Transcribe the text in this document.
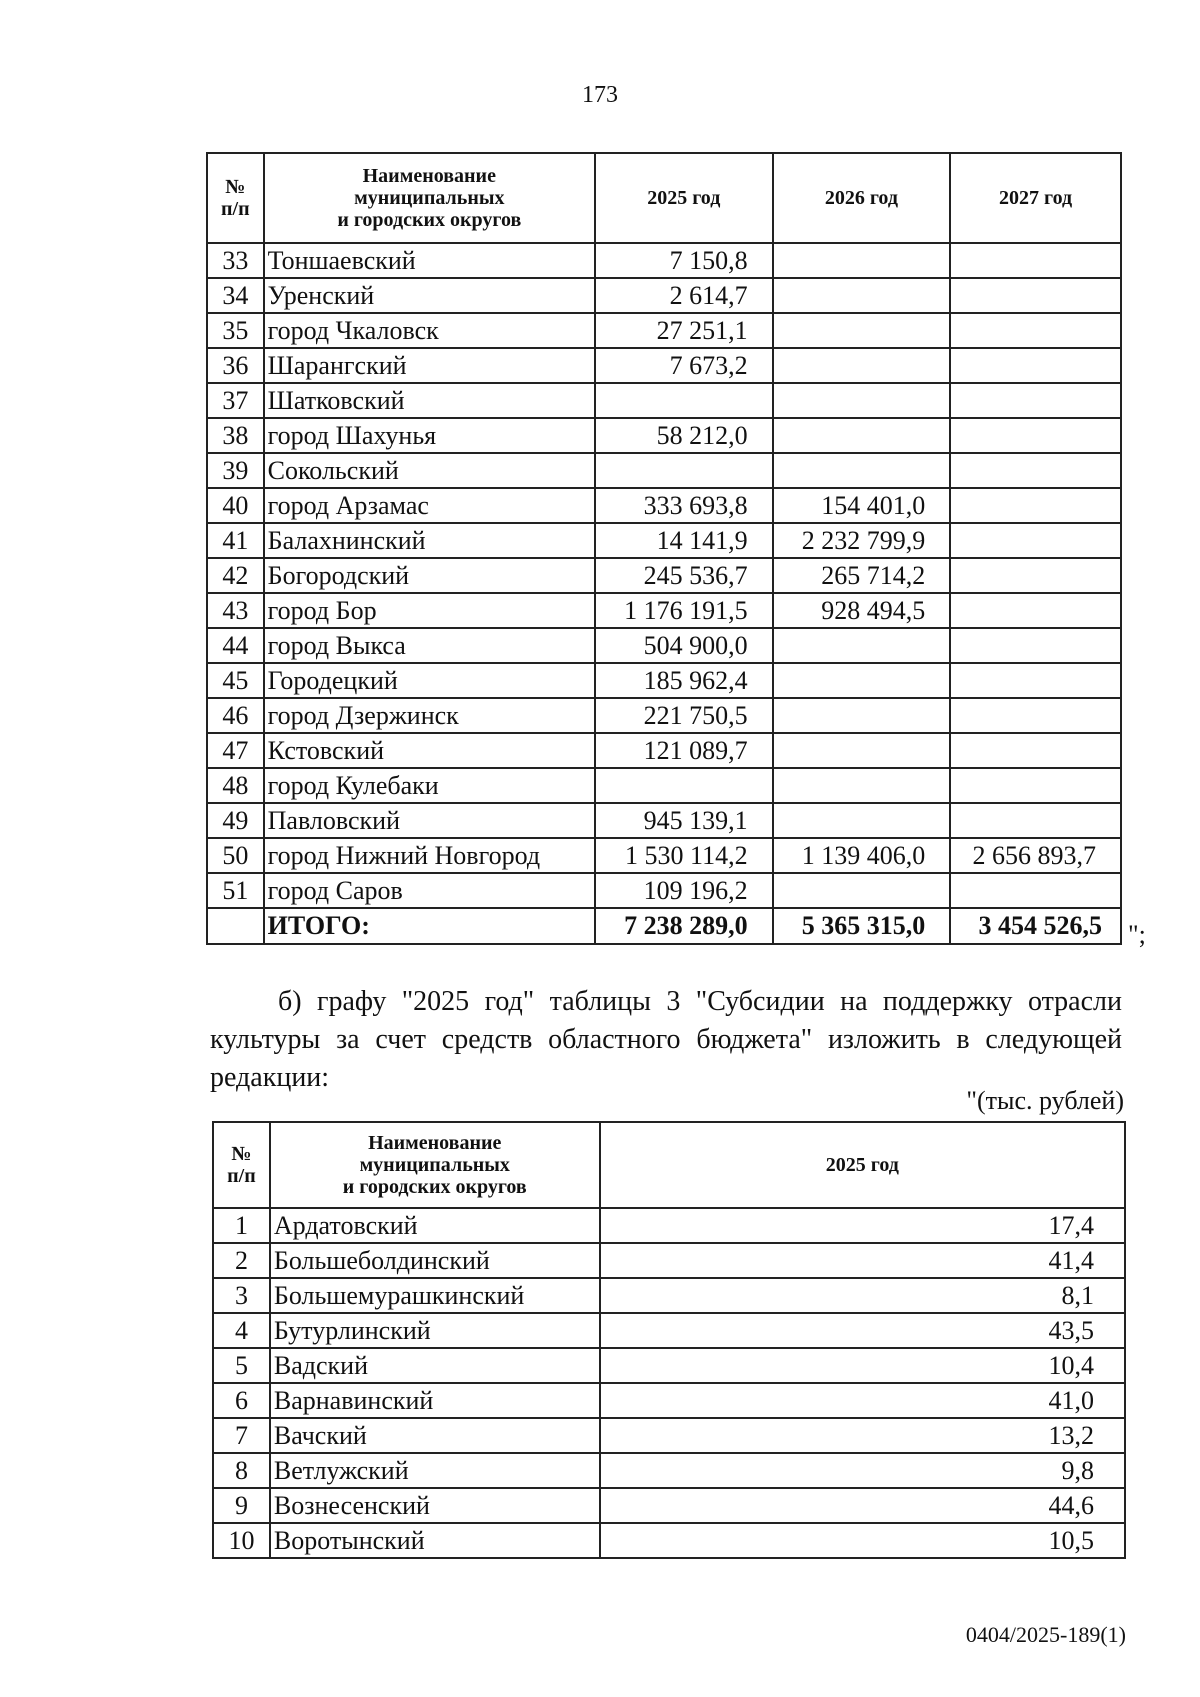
173
№
п/п	Наименование
муниципальных
и городских округов	2025 год	2026 год	2027 год
33	Тоншаевский	7 150,8		
34	Уренский	2 614,7		
35	город Чкаловск	27 251,1		
36	Шарангский	7 673,2		
37	Шатковский			
38	город Шахунья	58 212,0		
39	Сокольский			
40	город Арзамас	333 693,8	154 401,0	
41	Балахнинский	14 141,9	2 232 799,9	
42	Богородский	245 536,7	265 714,2	
43	город Бор	1 176 191,5	928 494,5	
44	город Выкса	504 900,0		
45	Городецкий	185 962,4		
46	город Дзержинск	221 750,5		
47	Кстовский	121 089,7		
48	город Кулебаки			
49	Павловский	945 139,1		
50	город Нижний Новгород	1 530 114,2	1 139 406,0	2 656 893,7
51	город Саров	109 196,2		
	ИТОГО:	7 238 289,0	5 365 315,0	3 454 526,5 ";

б) графу "2025 год" таблицы 3 "Субсидии на поддержку отрасли

культуры за счет средств областного бюджета" изложить в следующей

редакции:

"(тыс. рублей)
№
п/п	Наименование
муниципальных
и городских округов	2025 год
1	Ардатовский	17,4
2	Большеболдинский	41,4
3	Большемурашкинский	8,1
4	Бутурлинский	43,5
5	Вадский	10,4
6	Варнавинский	41,0
7	Вачский	13,2
8	Ветлужский	9,8
9	Вознесенский	44,6
10	Воротынский	10,5
0404/2025-189(1)
